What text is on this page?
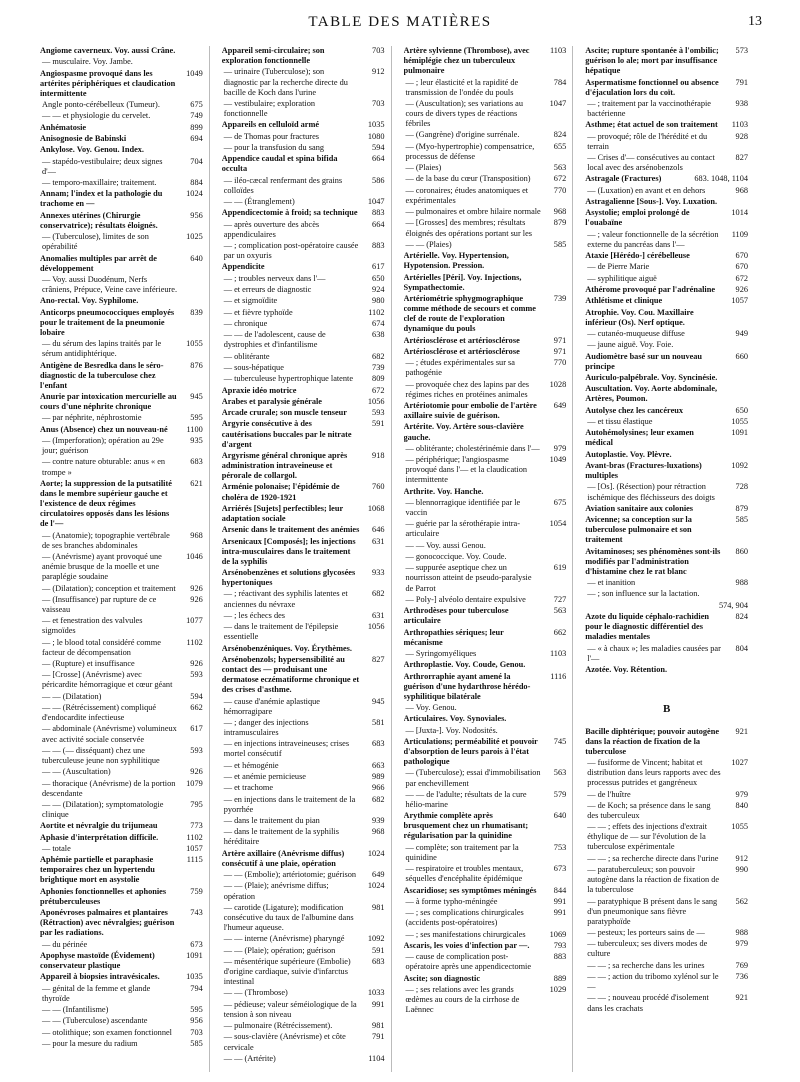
TABLE DES MATIÈRES	13
Angiome caverneux. Voy. aussi Crâne.
— musculaire. Voy. Jambe.
Angiospasme provoqué dans les artérites périphériques et claudication intermittente
1049
Angle ponto-cérébelleux (Tumeur).	675
— — et physiologie du cervelet.	749
Anhématosie	899
Anisognosie de Babinski	694
Ankylose. Voy. Genou. Index.
— stapédo-vestibulaire; deux signes d'—
704
— temporo-maxillaire; traitement.	884
Annam; l'index et la pathologie du trachome en —
1024
Annexes utérines (Chirurgie conservatrice); résultats éloignés.
956
— (Tuberculose), limites de son opérabilité
1025
Anomalies multiples par arrêt de développement
640
— Voy. aussi Duodénum, Nerfs crâniens, Prépuce, Veine cave inférieure.
Ano-rectal. Voy. Syphilome.
Anticorps pneumococciques employés pour le traitement de la pneumonie lobaire
839
— du sérum des lapins traités par le sérum antidiphtérique.
1055
Antigène de Besredka dans le séro-diagnostic de la tuberculose chez l'enfant
876
Anurie par intoxication mercurielle au cours d'une néphrite chronique
945
— par néphrite, néphrostomie	595
Anus (Absence) chez un nouveau-né	1100
— (Imperforation); opération au 29e jour; guérison
935
— contre nature obturable: anus « en trompe »
683
Aorte; la suppression de la putsatilité dans le membre supérieur gauche et l'existence de deux régimes circulatoires opposés dans les lésions de l'—
621
— (Anatomie); topographie vertébrale de ses branches abdominales
968
— (Anévrisme) ayant provoqué une anémie brusque de la moelle et une paraplégie soudaine
1046
— (Dilatation); conception et traitement	926
— (Insuffisance) par rupture de ce vaisseau
926
— et fenestration des valvules sigmoïdes
1077
— ; le blood total considéré comme facteur de décompensation
1102
— (Rupture) et insuffisance	926
— [Crosse] (Anévrisme) avec péricardite hémorragique et cœur géant
593
— — (Dilatation)	594
— — (Rétrécissement) compliqué d'endocardite infectieuse
662
— abdominale (Anévrisme) volumineux avec activité sociale conservée
617
— — (— disséquant) chez une tuberculeuse jeune non syphilitique
593
— — (Auscultation)	926
— thoracique (Anévrisme) de la portion descendante
1079
— — (Dilatation); symptomatologie clinique
795
Aortite et névralgie du trijumeau	773
Aphasie d'interprétation difficile.	1102
— totale	1057
Aphémie partielle et paraphasie temporaires chez un hypertendu brightique mort en asystolie
1115
Aphonies fonctionnelles et aphonies prétuberculeuses
759
Aponévroses palmaires et plantaires (Rétraction) avec névralgies; guérison par les radiations.
743
— du périnée	673
Apophyse mastoïde (Évidement) conservateur plastique
1091
Appareil à biopsies intravésicales.	1035
— génital de la femme et glande thyroïde
794
— — (Infantilisme)	595
— — (Tuberculose) ascendante	956
— otolithique; son examen fonctionnel	703
— pour la mesure du radium	585
Appareil semi-circulaire; son exploration fonctionnelle
703
— urinaire (Tuberculose); son diagnostic par la recherche directe du bacille de Koch dans l'urine
912
— vestibulaire; exploration fonctionnelle
703
Appareils en celluloïd armé	1035
— de Thomas pour fractures	1080
— pour la transfusion du sang	594
Appendice caudal et spina bifida occulta
664
— iléo-cæcal renfermant des grains colloïdes
586
— — (Étranglement)	1047
Appendicectomie à froid; sa technique	883
— après ouverture des abcès appendiculaires
664
— ; complication post-opératoire causée par un oxyuris
883
Appendicite	617
— ; troubles nerveux dans l'—	650
— et erreurs de diagnostic	924
— et sigmoïdite	980
— et fièvre typhoïde	1102
— chronique	674
— — de l'adolescent, cause de dystrophies et d'infantilisme
638
— oblitérante	682
— sous-hépatique	739
— tuberculeuse hypertrophique latente	809
Apraxie idéo motrice	672
Arabes et paralysie générale	1056
Arcade crurale; son muscle tenseur	593
Argyrie consécutive à des cautérisations buccales par le nitrate d'argent
591
Argyrisme général chronique après administration intraveineuse et pérorale de collargol.
918
Arménie polonaise; l'épidémie de choléra de 1920-1921
760
Arriérés [Sujets] perfectibles; leur adaptation sociale
1068
Arsenic dans le traitement des anémies	646
Arsenicaux [Composés]; les injections intra-musculaires dans le traitement de la syphilis
631
Arsénobenzènes et solutions glycosées hypertoniques
933
— ; réactivant des syphilis latentes et anciennes du névraxe
682
— ; les échecs des	631
— dans le traitement de l'épilepsie essentielle
1056
Arsénobenzéniques. Voy. Érythèmes.
Arsénobenzols; hypersensibilité au contact des — produisant une dermatose eczématiforme chronique et des crises d'asthme.
827
— cause d'anémie aplastique hémorragipare
945
— ; danger des injections intramusculaires
581
— en injections intraveineuses; crises mortel consécutif
683
— et hémogénie	663
— et anémie pernicieuse	989
— et trachome	966
— en injections dans le traitement de la pyorrhée
682
— dans le traitement du pian	939
— dans le traitement de la syphilis héréditaire
968
Artère axillaire (Anévrisme diffus) consécutif à une plaie, opération
1024
— — (Embolie); artériotomie; guérison	649
— — (Plaie); anévrisme diffus; opération
1024
— carotide (Ligature); modification consécutive du taux de l'albumine dans l'humeur aqueuse.
981
— — interne (Anévrisme) pharyngé	1092
— — (Plaie); opération; guérison	591
— mésentérique supérieure (Embolie) d'origine cardiaque, suivie d'infarctus intestinal
683
— — (Thrombose)	1033
— pédieuse; valeur séméiologique de la tension à son niveau
991
— pulmonaire (Rétrécissement).	981
— sous-clavière (Anévrisme) et côte cervicale
791
— — (Artérite)	1104
Artère sylvienne (Thrombose), avec hémiplégie chez un tuberculeux pulmonaire
1103
— ; leur élasticité et la rapidité de transmission de l'ondée du pouls
784
— (Auscultation); ses variations au cours de divers types de réactions fébriles
1047
— (Gangrène) d'origine surrénale.	824
— (Myo-hypertrophie) compensatrice, processus de défense
655
— (Plaies)	563
— de la base du cœur (Transposition)	672
— coronaires; études anatomiques et expérimentales
770
— pulmonaires et ombre hilaire normale	968
— [Grosses] des membres; résultats éloignés des opérations portant sur les
879
— — (Plaies)	585
Artérielle. Voy. Hypertension, Hypotension. Pression.
Artérielles [Péri]. Voy. Injections, Sympathectomie.
Artériométrie sphygmographique comme méthode de secours et comme clef de route de l'exploration dynamique du pouls
739
Artériosclérose et artériosclérose	971
Artériosclérose et artériosclérose	971
— ; études expérimentales sur sa pathogénie
770
— provoquée chez des lapins par des régimes riches en protéines animales
1028
Artériotomie pour embolie de l'artère axillaire suivie de guérison.
649
Artérite. Voy. Artère sous-clavière gauche.
— oblitérante; cholestérinémie dans l'—	979
— périphérique; l'angiospasme provoqué dans l'— et la claudication intermittente
1049
Arthrite. Voy. Hanche.
— blennorragique identifiée par le vaccin
675
— guérie par la sérothérapie intra-articulaire
1054
— — Voy. aussi Genou.
— gonococcique. Voy. Coude.
— suppurée aseptique chez un nourrisson atteint de pseudo-paralysie de Parrot
619
— Poly-] alvéolo dentaire expulsive	727
Arthrodèses pour tuberculose articulaire
563
Arthropathies sériques; leur mécanisme
662
— Syringomyéliques	1103
Arthroplastie. Voy. Coude, Genou.
Arthrorraphie ayant amené la guérison d'une hydarthrose hérédo-syphilitique bilatérale
1116
— Voy. Genou.
Articulaires. Voy. Synoviales.
— [Juxta-]. Voy. Nodosités.
Articulations; perméabilité et pouvoir d'absorption de leurs parois à l'état pathologique
745
— (Tuberculose); essai d'immobilisation par enchevillement
563
— — de l'adulte; résultats de la cure hélio-marine
579
Arythmie complète après brusquement chez un rhumatisant; régularisation par la quinidine
640
— complète; son traitement par la quinidine
753
— respiratoire et troubles mentaux, séquelles d'encéphalite épidémique
673
Ascaridiose; ses symptômes méningés	844
— à forme typho-méningée	991
— ; ses complications chirurgicales (accidents post-opératoires)
991
— ; ses manifestations chirurgicales	1069
Ascaris, les voies d'infection par —.	793
— cause de complication post-opératoire après une appendicectomie
883
Ascite; son diagnostic	889
— ; ses relations avec les grands œdèmes au cours de la cirrhose de Laënnec
1029
Ascite; rupture spontanée à l'ombilic; guérison lo ale; mort par insuffisance hépatique
573
Aspermatisme fonctionnel ou absence d'éjaculation lors du coït.
791
— ; traitement par la vaccinothérapie bactérienne
938
Asthme; état actuel de son traitement	1103
— provoqué; rôle de l'hérédité et du terrain
928
— Crises d'— consécutives au contact local avec des arsénobenzols
827
Astragale (Fractures)	683. 1048, 1104
— (Luxation) en avant et en dehors	968
Astragalienne [Sous-]. Voy. Luxation.
Asystolie; emploi prolongé de l'ouabaïne
1014
— ; valeur fonctionnelle de la sécrétion externe du pancréas dans l'—
1109
Ataxie [Hérédo-] cérébelleuse	670
— de Pierre Marie	670
— syphilitique aiguë	672
Athérome provoqué par l'adrénaline	926
Athlétisme et clinique	1057
Atrophie. Voy. Cou. Maxillaire inférieur (Os). Nerf optique.
— cutanéo-muqueuse diffuse	949
— jaune aiguë. Voy. Foie.
Audiomètre basé sur un nouveau principe
660
Auriculo-palpébrale. Voy. Syncinésie.
Auscultation. Voy. Aorte abdominale, Artères, Poumon.
Autolyse chez les cancéreux	650
— et tissu élastique	1055
Autohémolysines; leur examen médical
1091
Autoplastie. Voy. Plèvre.
Avant-bras (Fractures-luxations) multiples
1092
— [Os]. (Résection) pour rétraction ischémique des fléchisseurs des doigts
728
Aviation sanitaire aux colonies	879
Avicenne; sa conception sur la tuberculose pulmonaire et son traitement
585
Avitaminoses; ses phénomènes sont-ils modifiés par l'administration d'histamine chez le rat blanc
860
— et inanition	988
— ; son influence sur la lactation.
574, 904
Azote du liquide céphalo-rachidien pour le diagnostic différentiel des maladies mentales
824
— « à chaux »; les maladies causées par l'—
804
Azotée. Voy. Rétention.
B
Bacille diphtérique; pouvoir autogène dans la réaction de fixation de la tuberculose
921
— fusiforme de Vincent; habitat et distribution dans leurs rapports avec des processus putrides et gangréneux
1027
— de l'huître	979
— de Koch; sa présence dans le sang des tuberculeux
840
— — ; effets des injections d'extrait éthylique de — sur l'évolution de la tuberculose expérimentale
1055
— — ; sa recherche directe dans l'urine	912
— paratuberculeux; son pouvoir autogène dans la réaction de fixation de la tuberculose
990
— paratyphique B présent dans le sang d'un pneumonique sans fièvre paratyphoïde
562
— pesteux; les porteurs sains de —	988
— tuberculeux; ses divers modes de culture
979
— — ; sa recherche dans les urines	769
— — ; action du tribomo xylénol sur le —
736
— — ; nouveau procédé d'isolement dans les crachats
921
